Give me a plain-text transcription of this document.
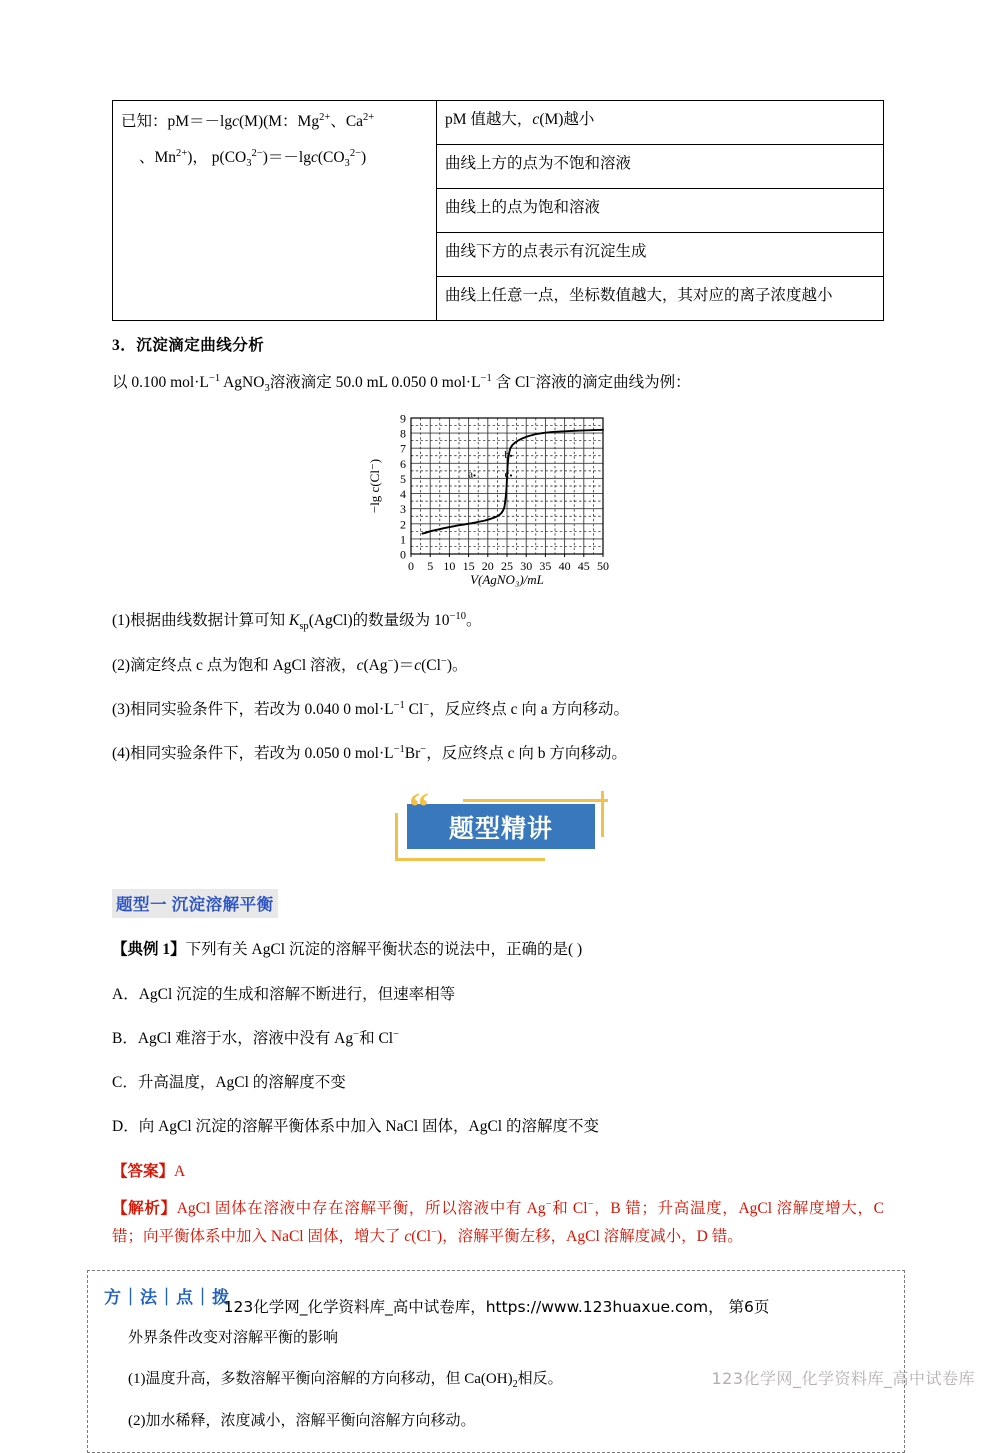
已知：pM＝－lgc(M)(M：$Mg^{2+}$、$Ca^{2+}$
、$Mn^{2+}$)， $p(CO_3^{2-})=-\lg c(CO_3^{2-})$
	pM 值越大，c(M)越小
曲线上方的点为不饱和溶液
曲线上的点为饱和溶液
曲线下方的点表示有沉淀生成
曲线上任意一点，坐标数值越大，其对应的离子浓度越小
3．沉淀滴定曲线分析
以 0.100 $mol\cdot L^{-1}$ AgNO$_3$溶液滴定 50.0 mL 0.050 0 $mol\cdot L^{-1}$ 含 Cl−溶液的滴定曲线为例：
0 5 10 15 20 25 30 35 40 45 50
0
1
2
3
4
5
6
7
8
9
a
b
c
V(AgNO₃)/mL
−lg c(Cl⁻)
(1)根据曲线数据计算可知 $K_{sp}(AgCl)$的数量级为 $10^{-10}$。
(2)滴定终点 c 点为饱和 AgCl 溶液，c(Ag−)＝c(Cl−)。
(3)相同实验条件下，若改为 0.040 0 $mol\cdot L^{-1}$ Cl−，反应终点 c 向 a 方向移动。
(4)相同实验条件下，若改为 0.050 0 $mol\cdot L^{-1}Br^-$，反应终点 c 向 b 方向移动。
“ 题型精讲
题型一 沉淀溶解平衡
【典例 1】下列有关 AgCl 沉淀的溶解平衡状态的说法中，正确的是( )
A．AgCl 沉淀的生成和溶解不断进行，但速率相等
B．AgCl 难溶于水，溶液中没有 Ag−和 Cl−
C．升高温度，AgCl 的溶解度不变
D．向 AgCl 沉淀的溶解平衡体系中加入 NaCl 固体，AgCl 的溶解度不变
【答案】A
【解析】AgCl 固体在溶液中存在溶解平衡，所以溶液中有 Ag−和 Cl−，B 错；升高温度，AgCl 溶解度增大，C 错；向平衡体系中加入 NaCl 固体，增大了 c(Cl−)，溶解平衡左移，AgCl 溶解度减小，D 错。
方｜法｜点｜拨
外界条件改变对溶解平衡的影响
(1)温度升高，多数溶解平衡向溶解的方向移动，但 $Ca(OH)_2$相反。
(2)加水稀释，浓度减小，溶解平衡向溶解方向移动。
123化学网_化学资料库_高中试卷库，https://www.123huaxue.com， 第6页
123化学网_化学资料库_高中试卷库
